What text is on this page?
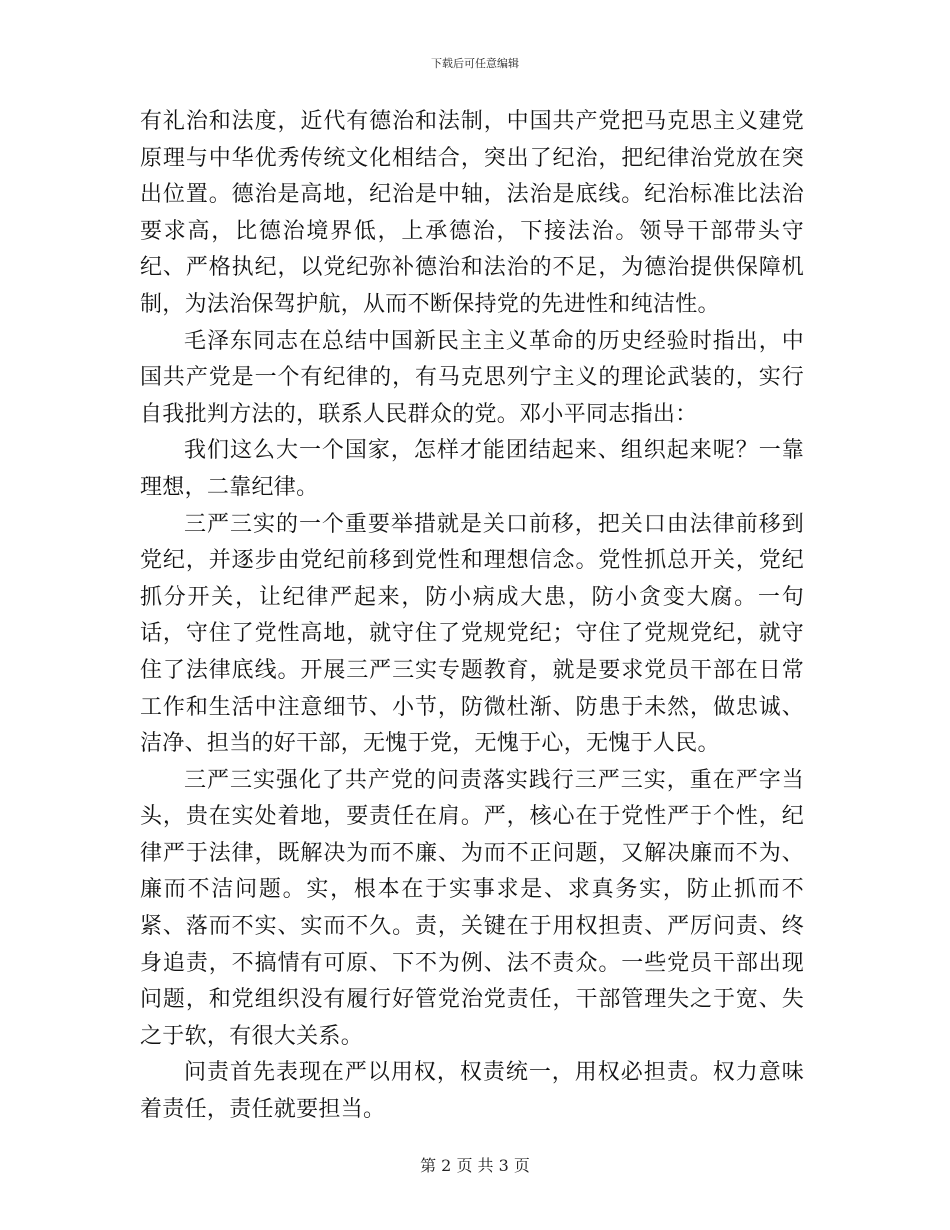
下载后可任意编辑

有礼治和法度，近代有德治和法制，中国共产党把马克思主义建党原理与中华优秀传统文化相结合，突出了纪治，把纪律治党放在突出位置。德治是高地，纪治是中轴，法治是底线。纪治标准比法治要求高，比德治境界低，上承德治，下接法治。领导干部带头守纪、严格执纪，以党纪弥补德治和法治的不足，为德治提供保障机制，为法治保驾护航，从而不断保持党的先进性和纯洁性。

毛泽东同志在总结中国新民主主义革命的历史经验时指出，中国共产党是一个有纪律的，有马克思列宁主义的理论武装的，实行自我批判方法的，联系人民群众的党。邓小平同志指出：

我们这么大一个国家，怎样才能团结起来、组织起来呢？一靠理想，二靠纪律。

三严三实的一个重要举措就是关口前移，把关口由法律前移到党纪，并逐步由党纪前移到党性和理想信念。党性抓总开关，党纪抓分开关，让纪律严起来，防小病成大患，防小贪变大腐。一句话，守住了党性高地，就守住了党规党纪；守住了党规党纪，就守住了法律底线。开展三严三实专题教育，就是要求党员干部在日常工作和生活中注意细节、小节，防微杜渐、防患于未然，做忠诚、洁净、担当的好干部，无愧于党，无愧于心，无愧于人民。

三严三实强化了共产党的问责落实践行三严三实，重在严字当头，贵在实处着地，要责任在肩。严，核心在于党性严于个性，纪律严于法律，既解决为而不廉、为而不正问题，又解决廉而不为、廉而不洁问题。实，根本在于实事求是、求真务实，防止抓而不紧、落而不实、实而不久。责，关键在于用权担责、严厉问责、终身追责，不搞情有可原、下不为例、法不责众。一些党员干部出现问题，和党组织没有履行好管党治党责任，干部管理失之于宽、失之于软，有很大关系。

问责首先表现在严以用权，权责统一，用权必担责。权力意味着责任，责任就要担当。

第 2 页 共 3 页
